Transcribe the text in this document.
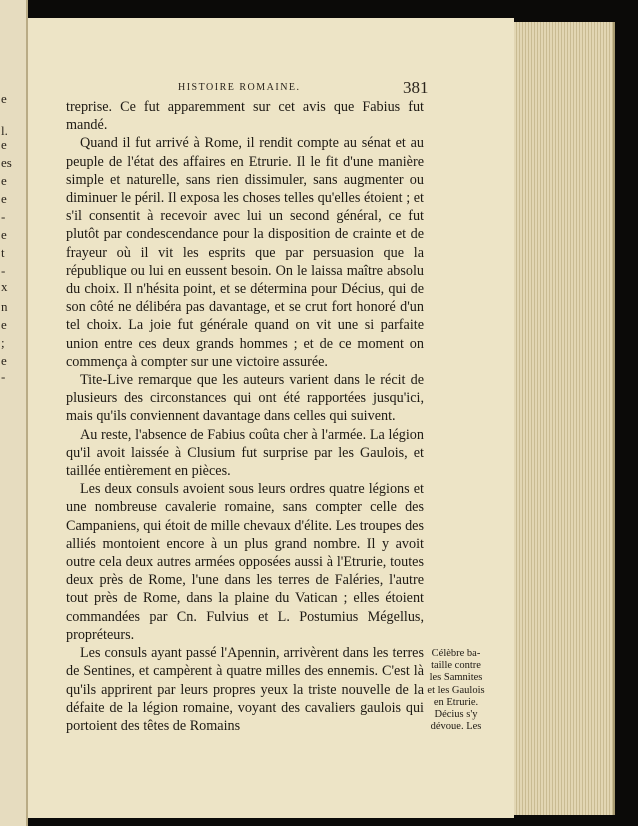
e
l.
e
es
e
e
-
e
t
-
x
n
e
;
e
-
HISTOIRE ROMAINE.	381

treprise. Ce fut apparemment sur cet avis que Fabius fut mandé.

Quand il fut arrivé à Rome, il rendit compte au sénat et au peuple de l'état des affaires en Etrurie. Il le fit d'une manière simple et naturelle, sans rien dissimuler, sans augmenter ou diminuer le péril. Il exposa les choses telles qu'elles étoient ; et s'il consentit à recevoir avec lui un second général, ce fut plutôt par condescendance pour la disposition de crainte et de frayeur où il vit les esprits que par persuasion que la république ou lui en eussent besoin. On le laissa maître absolu du choix. Il n'hésita point, et se détermina pour Décius, qui de son côté ne délibéra pas davantage, et se crut fort honoré d'un tel choix. La joie fut générale quand on vit une si parfaite union entre ces deux grands hommes ; et de ce moment on commença à compter sur une victoire assurée.

Tite-Live remarque que les auteurs varient dans le récit de plusieurs des circonstances qui ont été rapportées jusqu'ici, mais qu'ils conviennent davantage dans celles qui suivent.

Au reste, l'absence de Fabius coûta cher à l'armée. La légion qu'il avoit laissée à Clusium fut surprise par les Gaulois, et taillée entièrement en pièces.

Les deux consuls avoient sous leurs ordres quatre légions et une nombreuse cavalerie romaine, sans compter celle des Campaniens, qui étoit de mille chevaux d'élite. Les troupes des alliés montoient encore à un plus grand nombre. Il y avoit outre cela deux autres armées opposées aussi à l'Etrurie, toutes deux près de Rome, l'une dans les terres de Faléries, l'autre tout près de Rome, dans la plaine du Vatican ; elles étoient commandées par Cn. Fulvius et L. Postumius Mégellus, propréteurs.

Les consuls ayant passé l'Apennin, arrivèrent dans les terres de Sentines, et campèrent à quatre milles des ennemis. C'est là qu'ils apprirent par leurs propres yeux la triste nouvelle de la défaite de la légion romaine, voyant des cavaliers gaulois qui portoient des têtes de Romains

Célèbre ba-
taille contre
les Samnites
et les Gaulois
en Etrurie.
Décius s'y
dévoue. Les
